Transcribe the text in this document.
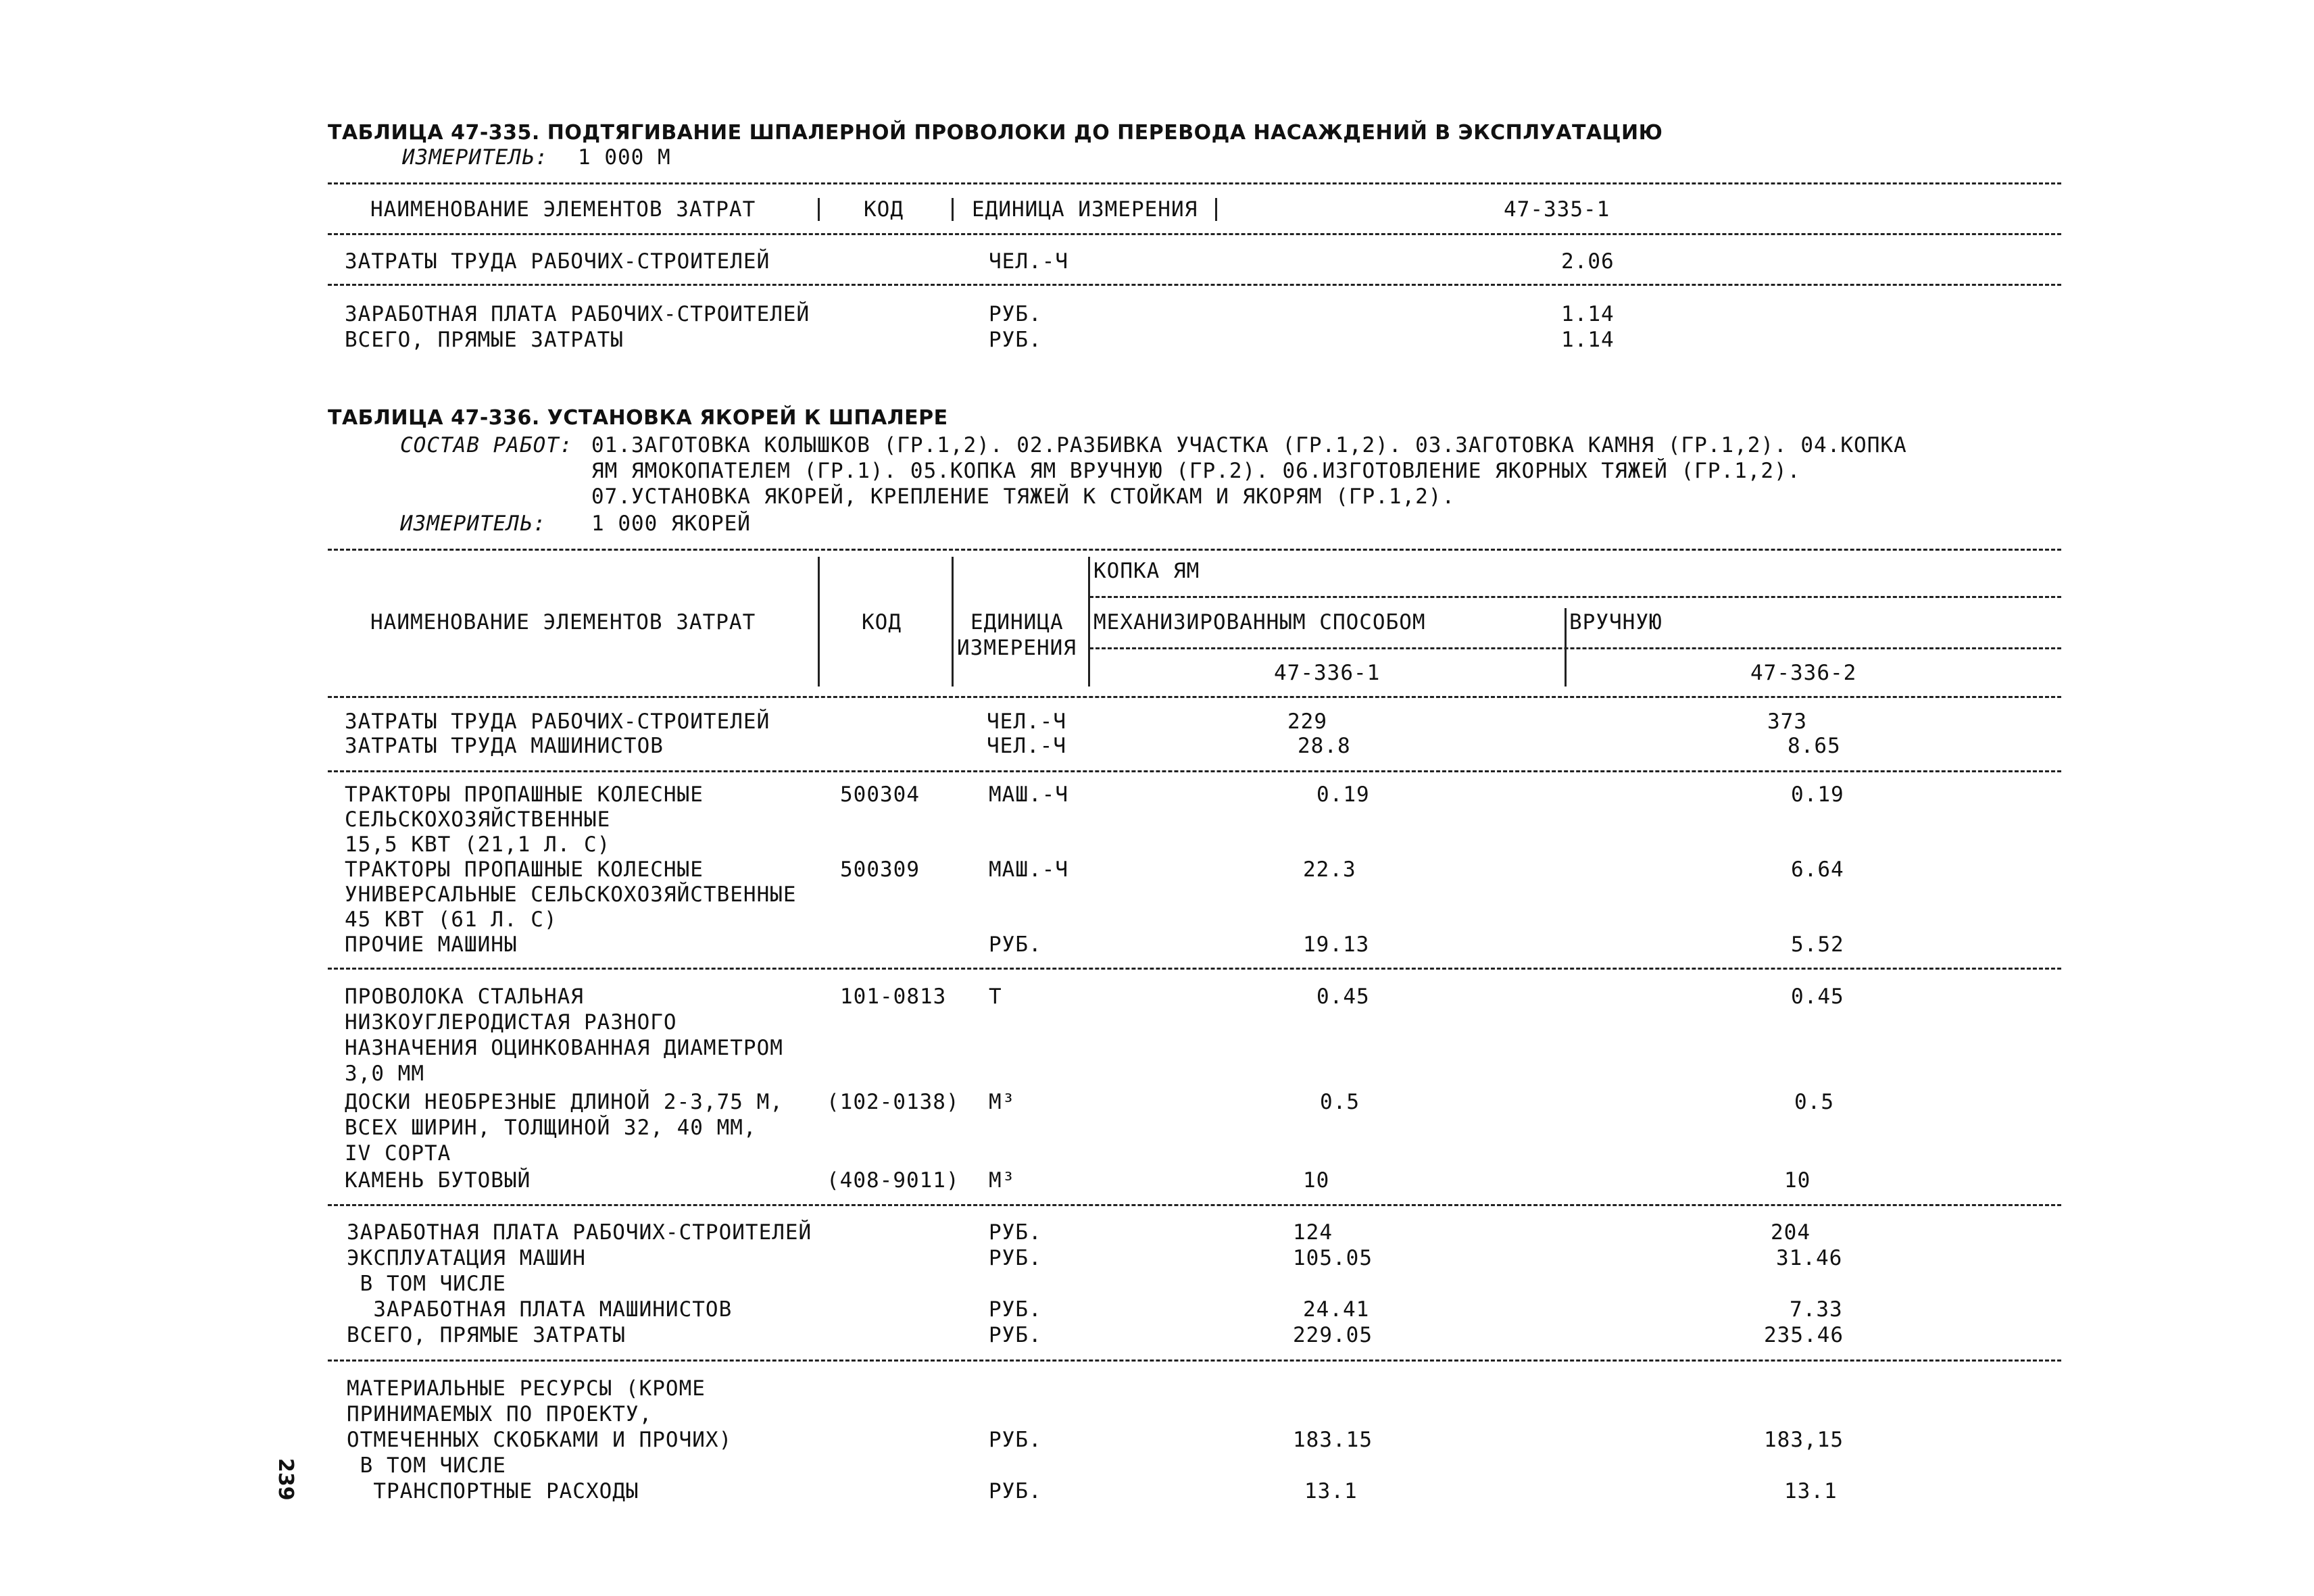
ТАБЛИЦА 47-335. ПОДТЯГИВАНИЕ ШПАЛЕРНОЙ ПРОВОЛОКИ ДО ПЕРЕВОДА НАСАЖДЕНИЙ В ЭКСПЛУАТАЦИЮ
ИЗМЕРИТЕЛЬ: 1 000 М
НАИМЕНОВАНИЕ ЭЛЕМЕНТОВ ЗАТРАТ	КОД	ЕДИНИЦА ИЗМЕРЕНИЯ	47-335-1
ЗАТРАТЫ ТРУДА РАБОЧИХ-СТРОИТЕЛЕЙ	ЧЕЛ.-Ч	2.06
ЗАРАБОТНАЯ ПЛАТА РАБОЧИХ-СТРОИТЕЛЕЙ	РУБ.	1.14
ВСЕГО, ПРЯМЫЕ ЗАТРАТЫ	РУБ.	1.14
ТАБЛИЦА 47-336. УСТАНОВКА ЯКОРЕЙ К ШПАЛЕРЕ
СОСТАВ РАБОТ: 01.ЗАГОТОВКА КОЛЫШКОВ (ГР.1,2). 02.РАЗБИВКА УЧАСТКА (ГР.1,2). 03.ЗАГОТОВКА КАМНЯ (ГР.1,2). 04.КОПКА
ЯМ ЯМОКОПАТЕЛЕМ (ГР.1). 05.КОПКА ЯМ ВРУЧНУЮ (ГР.2). 06.ИЗГОТОВЛЕНИЕ ЯКОРНЫХ ТЯЖЕЙ (ГР.1,2).
07.УСТАНОВКА ЯКОРЕЙ, КРЕПЛЕНИЕ ТЯЖЕЙ К СТОЙКАМ И ЯКОРЯМ (ГР.1,2).
ИЗМЕРИТЕЛЬ: 1 000 ЯКОРЕЙ
КОПКА ЯМ
НАИМЕНОВАНИЕ ЭЛЕМЕНТОВ ЗАТРАТ	КОД	ЕДИНИЦА
ИЗМЕРЕНИЯ
МЕХАНИЗИРОВАННЫМ СПОСОБОМ	ВРУЧНУЮ
47-336-1	47-336-2
ЗАТРАТЫ ТРУДА РАБОЧИХ-СТРОИТЕЛЕЙ	ЧЕЛ.-Ч	229	373
ЗАТРАТЫ ТРУДА МАШИНИСТОВ	ЧЕЛ.-Ч	28.8	8.65
ТРАКТОРЫ ПРОПАШНЫЕ КОЛЕСНЫЕ
СЕЛЬСКОХОЗЯЙСТВЕННЫЕ
15,5 КВТ (21,1 Л. С)
500304	МАШ.-Ч	0.19	0.19
ТРАКТОРЫ ПРОПАШНЫЕ КОЛЕСНЫЕ
УНИВЕРСАЛЬНЫЕ СЕЛЬСКОХОЗЯЙСТВЕННЫЕ
45 КВТ (61 Л. С)
500309	МАШ.-Ч	22.3	6.64
ПРОЧИЕ МАШИНЫ	РУБ.	19.13	5.52
ПРОВОЛОКА СТАЛЬНАЯ
НИЗКОУГЛЕРОДИСТАЯ РАЗНОГО
НАЗНАЧЕНИЯ ОЦИНКОВАННАЯ ДИАМЕТРОМ
3,0 ММ
101-0813 Т	0.45	0.45
ДОСКИ НЕОБРЕЗНЫЕ ДЛИНОЙ 2-3,75 М,
ВСЕХ ШИРИН, ТОЛЩИНОЙ 32, 40 ММ,
IV СОРТА
(102-0138) М³	0.5	0.5
КАМЕНЬ БУТОВЫЙ	(408-9011) М³	10	10
ЗАРАБОТНАЯ ПЛАТА РАБОЧИХ-СТРОИТЕЛЕЙ	РУБ.	124	204
ЭКСПЛУАТАЦИЯ МАШИН	РУБ.	105.05	31.46
В ТОМ ЧИСЛЕ
ЗАРАБОТНАЯ ПЛАТА МАШИНИСТОВ	РУБ.	24.41	7.33
ВСЕГО, ПРЯМЫЕ ЗАТРАТЫ	РУБ.	229.05	235.46
МАТЕРИАЛЬНЫЕ РЕСУРСЫ (КРОМЕ
ПРИНИМАЕМЫХ ПО ПРОЕКТУ,
ОТМЕЧЕННЫХ СКОБКАМИ И ПРОЧИХ)	РУБ.	183.15	183,15
В ТОМ ЧИСЛЕ
ТРАНСПОРТНЫЕ РАСХОДЫ	РУБ.	13.1	13.1
239
